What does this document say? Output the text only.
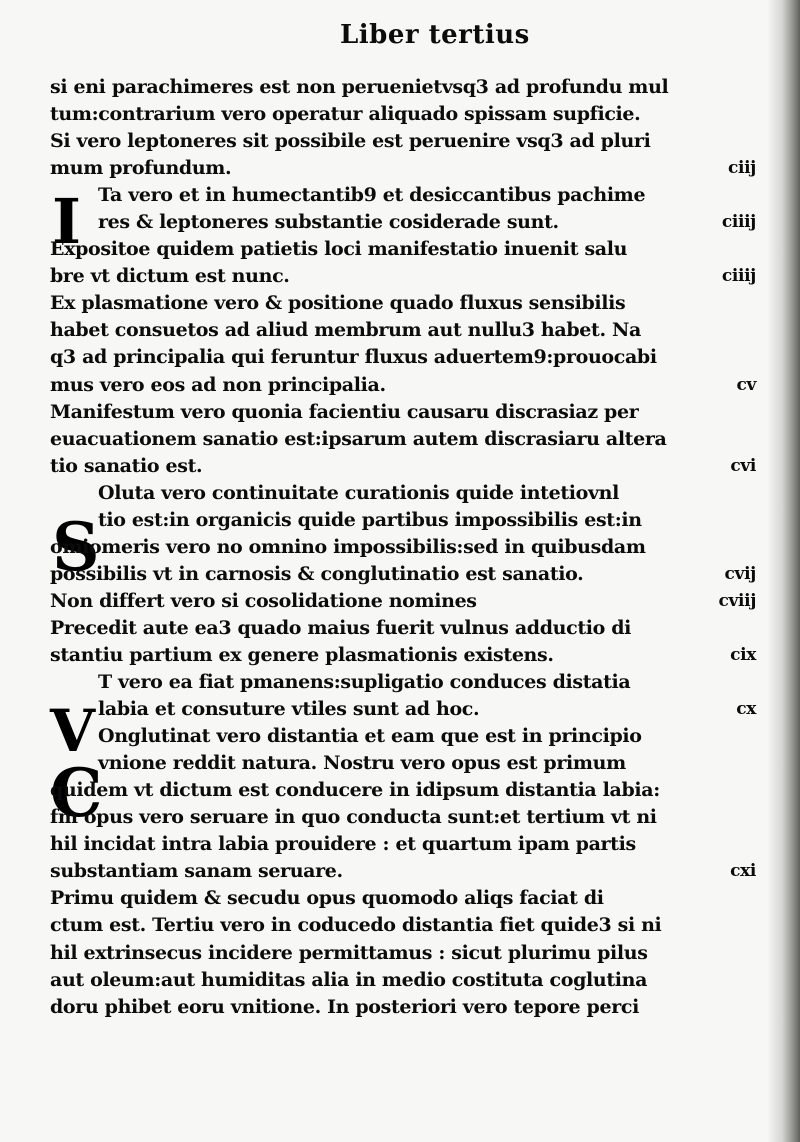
Liber tertius
I
S
V
C
si eni parachimeres est non peruenietvsq3 ad profundu mul
tum:contrarium vero operatur aliquado spissam supficie.
Si vero leptoneres sit possibile est peruenire vsq3 ad pluri
mum profundum.	ciij
Ta vero et in humectantib9 et desiccantibus pachime
res & leptoneres substantie cosiderade sunt.	ciiij
Expositoe quidem patietis loci manifestatio inuenit salu
bre vt dictum est nunc.	ciiij
Ex plasmatione vero & positione quado fluxus sensibilis
habet consuetos ad aliud membrum aut nullu3 habet. Na
q3 ad principalia qui feruntur fluxus aduertem9:prouocabi
mus vero eos ad non principalia.	cv
Manifestum vero quonia facientiu causaru discrasiaz per
euacuationem sanatio est:ipsarum autem discrasiaru altera
tio sanatio est.	cvi
Oluta vero continuitate curationis quide intetiovnl
tio est:in organicis quide partibus impossibilis est:in
omiomeris vero no omnino impossibilis:sed in quibusdam
possibilis vt in carnosis & conglutinatio est sanatio.	cvij
Non differt vero si cosolidatione nomines	cviij
Precedit aute ea3 quado maius fuerit vulnus adductio di
stantiu partium ex genere plasmationis existens.	cix
T vero ea fiat pmanens:supligatio conduces distatia
labia et consuture vtiles sunt ad hoc.	cx
Onglutinat vero distantia et eam que est in principio
vnione reddit natura. Nostru vero opus est primum
quidem vt dictum est conducere in idipsum distantia labia:
fm opus vero seruare in quo conducta sunt:et tertium vt ni
hil incidat intra labia prouidere : et quartum ipam partis
substantiam sanam seruare.	cxi
Primu quidem & secudu opus quomodo aliqs faciat di
ctum est. Tertiu vero in coducedo distantia fiet quide3 si ni
hil extrinsecus incidere permittamus : sicut plurimu pilus
aut oleum:aut humiditas alia in medio costituta coglutina
doru phibet eoru vnitione. In posteriori vero tepore perci
